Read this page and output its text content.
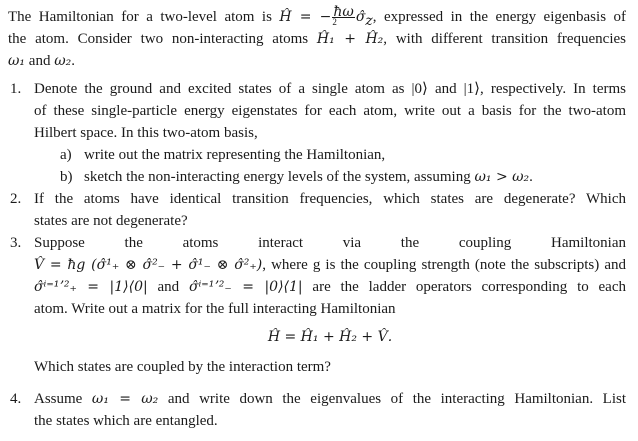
The Hamiltonian for a two-level atom is Ĥ = − $\frac{ħ\omega}{2}$ $\sigmâ_z$, expressed in the energy eigenbasis of
the atom. Consider two non-interacting atoms Ĥ₁ + Ĥ₂, with different transition frequencies
ω₁ and ω₂.
1. Denote the ground and excited states of a single atom as |0⟩ and |1⟩, respectively. In terms
of these single-particle energy eigenstates for each atom, write out a basis for the two-atom
Hilbert space. In this two-atom basis,
a) write out the matrix representing the Hamiltonian,
b) sketch the non-interacting energy levels of the system, assuming ω₁ > ω₂.
2. If the atoms have identical transition frequencies, which states are degenerate? Which
states are not degenerate?
3. Suppose the atoms interact via the coupling Hamiltonian
V̂ = ħg (σ̂¹₊ ⊗ σ̂²₋ + σ̂¹₋ ⊗ σ̂²₊), where g is the coupling strength (note the subscripts) and
σ̂ⁱ⁼¹ʼ²₊ = |1⟩⟨0| and σ̂ⁱ⁼¹ʼ²₋ = |0⟩⟨1| are the ladder operators corresponding to each
atom. Write out a matrix for the full interacting Hamiltonian
Ĥ = Ĥ₁ + Ĥ₂ + V̂.
Which states are coupled by the interaction term?
4. Assume ω₁ = ω₂ and write down the eigenvalues of the interacting Hamiltonian. List
the states which are entangled.
